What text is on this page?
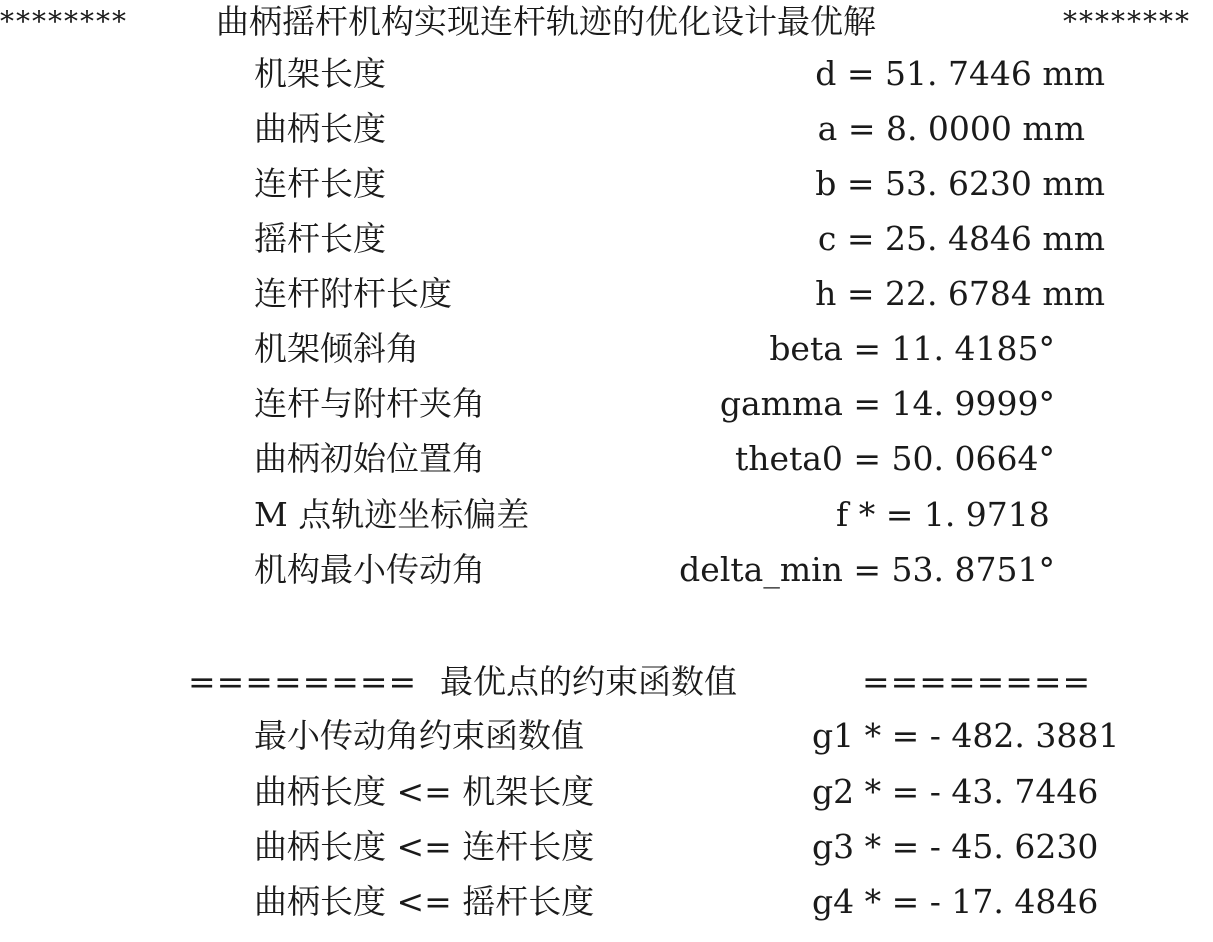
********	曲柄摇杆机构实现连杆轨迹的优化设计最优解	********
机架长度	d = 51. 7446 mm
曲柄长度	a = 8. 0000 mm
连杆长度	b = 53. 6230 mm
摇杆长度	c = 25. 4846 mm
连杆附杆长度	h = 22. 6784 mm
机架倾斜角	beta = 11. 4185°
连杆与附杆夹角	gamma = 14. 9999°
曲柄初始位置角	theta0 = 50. 0664°
M 点轨迹坐标偏差	f * = 1. 9718
机构最小传动角	delta_min = 53. 8751°
======== 最优点的约束函数值	========
最小传动角约束函数值	g1 * = - 482. 3881
曲柄长度 <= 机架长度	g2 * = - 43. 7446
曲柄长度 <= 连杆长度	g3 * = - 45. 6230
曲柄长度 <= 摇杆长度	g4 * = - 17. 4846
